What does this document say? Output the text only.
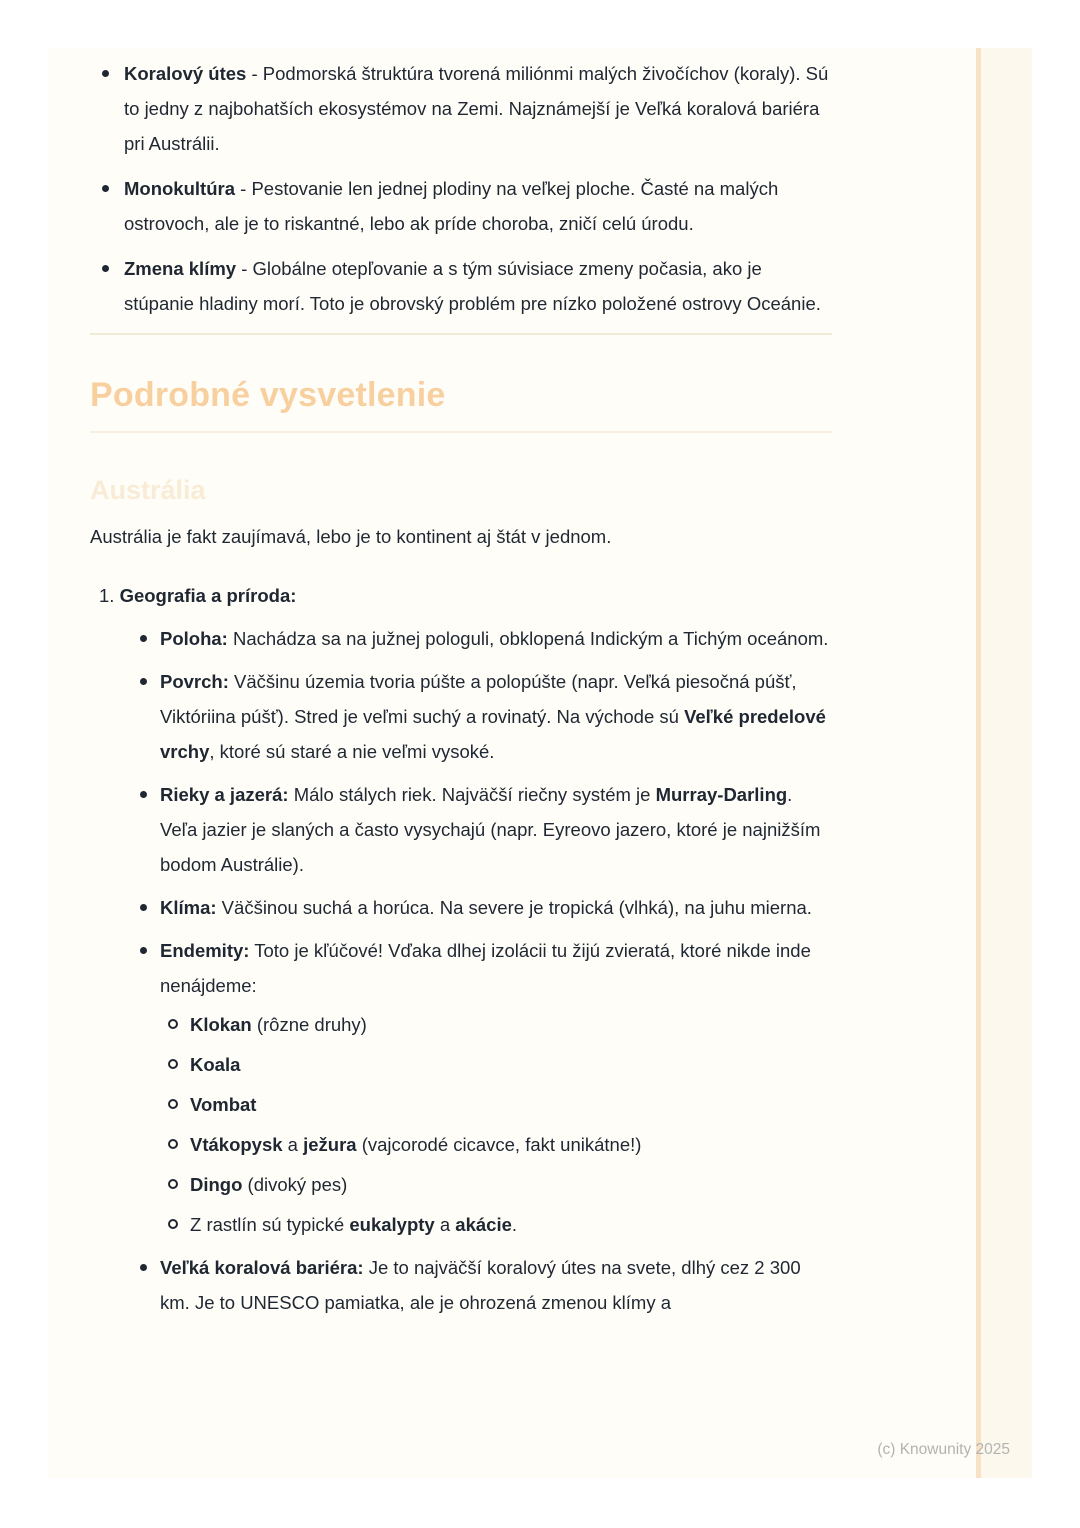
Koralový útes - Podmorská štruktúra tvorená miliónmi malých živočíchov (koraly). Sú to jedny z najbohatších ekosystémov na Zemi. Najznámejší je Veľká koralová bariéra pri Austrálii.
Monokultúra - Pestovanie len jednej plodiny na veľkej ploche. Časté na malých ostrovoch, ale je to riskantné, lebo ak príde choroba, zničí celú úrodu.
Zmena klímy - Globálne otepľovanie a s tým súvisiace zmeny počasia, ako je stúpanie hladiny morí. Toto je obrovský problém pre nízko položené ostrovy Oceánie.
Podrobné vysvetlenie
Austrália

Austrália je fakt zaujímavá, lebo je to kontinent aj štát v jednom.

1. Geografia a príroda:

Poloha: Nachádza sa na južnej pologuli, obklopená Indickým a Tichým oceánom.
Povrch: Väčšinu územia tvoria púšte a polopúšte (napr. Veľká piesočná púšť, Viktóriina púšť). Stred je veľmi suchý a rovinatý. Na východe sú Veľké predelové vrchy, ktoré sú staré a nie veľmi vysoké.
Rieky a jazerá: Málo stálych riek. Najväčší riečny systém je Murray-Darling. Veľa jazier je slaných a často vysychajú (napr. Eyreovo jazero, ktoré je najnižším bodom Austrálie).
Klíma: Väčšinou suchá a horúca. Na severe je tropická (vlhká), na juhu mierna.
Endemity: Toto je kľúčové! Vďaka dlhej izolácii tu žijú zvieratá, ktoré nikde inde nenájdeme:
Klokan (rôzne druhy)
Koala
Vombat
Vtákopysk a ježura (vajcorodé cicavce, fakt unikátne!)
Dingo (divoký pes)
Z rastlín sú typické eukalypty a akácie.
Veľká koralová bariéra: Je to najväčší koralový útes na svete, dlhý cez 2 300 km. Je to UNESCO pamiatka, ale je ohrozená zmenou klímy a
(c) Knowunity 2025
